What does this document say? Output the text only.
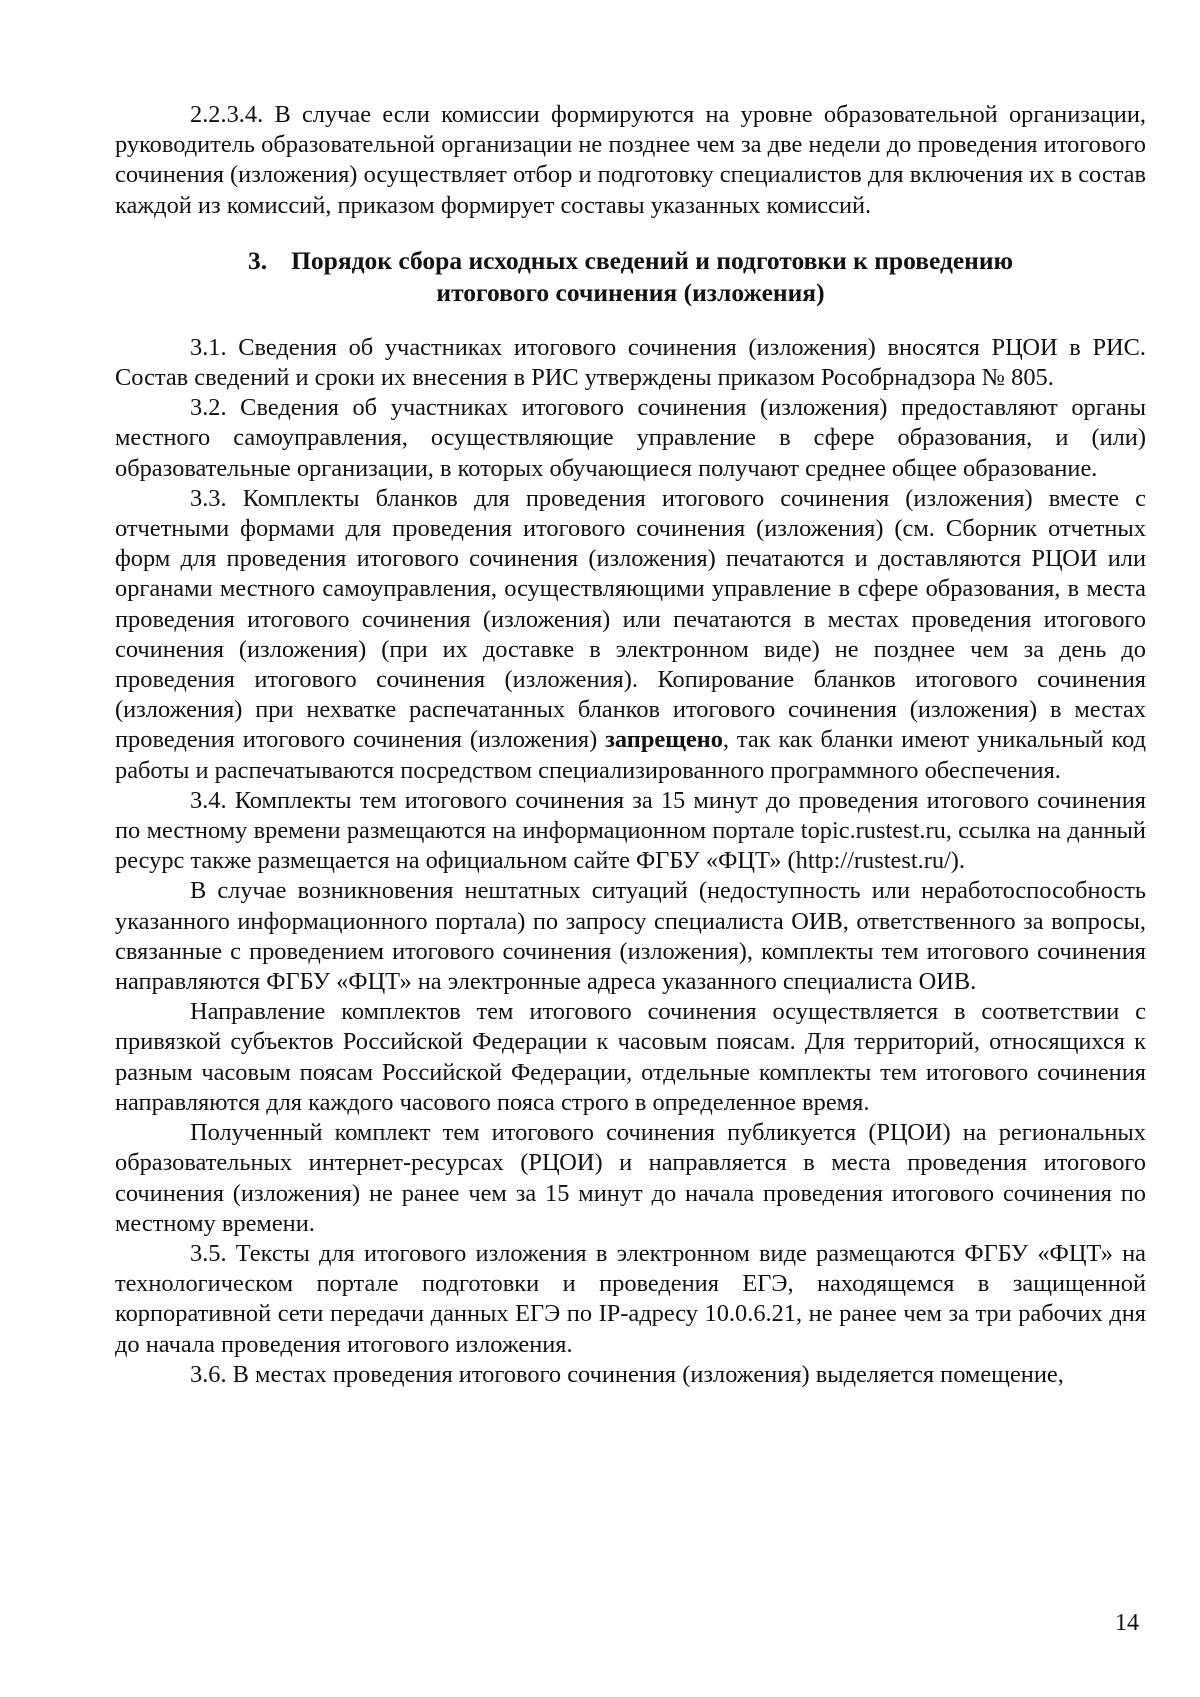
2.2.3.4. В случае если комиссии формируются на уровне образовательной организации, руководитель образовательной организации не позднее чем за две недели до проведения итогового сочинения (изложения) осуществляет отбор и подготовку специалистов для включения их в состав каждой из комиссий, приказом формирует составы указанных комиссий.

3. Порядок сбора исходных сведений и подготовки к проведению
итогового сочинения (изложения)

3.1. Сведения об участниках итогового сочинения (изложения) вносятся РЦОИ в РИС. Состав сведений и сроки их внесения в РИС утверждены приказом Рособрнадзора № 805.

3.2. Сведения об участниках итогового сочинения (изложения) предоставляют органы местного самоуправления, осуществляющие управление в сфере образования, и (или) образовательные организации, в которых обучающиеся получают среднее общее образование.

3.3. Комплекты бланков для проведения итогового сочинения (изложения) вместе с отчетными формами для проведения итогового сочинения (изложения) (см. Сборник отчетных форм для проведения итогового сочинения (изложения) печатаются и доставляются РЦОИ или органами местного самоуправления, осуществляющими управление в сфере образования, в места проведения итогового сочинения (изложения) или печатаются в местах проведения итогового сочинения (изложения) (при их доставке в электронном виде) не позднее чем за день до проведения итогового сочинения (изложения). Копирование бланков итогового сочинения (изложения) при нехватке распечатанных бланков итогового сочинения (изложения) в местах проведения итогового сочинения (изложения) запрещено, так как бланки имеют уникальный код работы и распечатываются посредством специализированного программного обеспечения.

3.4. Комплекты тем итогового сочинения за 15 минут до проведения итогового сочинения по местному времени размещаются на информационном портале topic.rustest.ru, ссылка на данный ресурс также размещается на официальном сайте ФГБУ «ФЦТ» (http://rustest.ru/).

В случае возникновения нештатных ситуаций (недоступность или неработоспособность указанного информационного портала) по запросу специалиста ОИВ, ответственного за вопросы, связанные с проведением итогового сочинения (изложения), комплекты тем итогового сочинения направляются ФГБУ «ФЦТ» на электронные адреса указанного специалиста ОИВ.

Направление комплектов тем итогового сочинения осуществляется в соответствии с привязкой субъектов Российской Федерации к часовым поясам. Для территорий, относящихся к разным часовым поясам Российской Федерации, отдельные комплекты тем итогового сочинения направляются для каждого часового пояса строго в определенное время.

Полученный комплект тем итогового сочинения публикуется (РЦОИ) на региональных образовательных интернет-ресурсах (РЦОИ) и направляется в места проведения итогового сочинения (изложения) не ранее чем за 15 минут до начала проведения итогового сочинения по местному времени.

3.5. Тексты для итогового изложения в электронном виде размещаются ФГБУ «ФЦТ» на технологическом портале подготовки и проведения ЕГЭ, находящемся в защищенной корпоративной сети передачи данных ЕГЭ по IP-адресу 10.0.6.21, не ранее чем за три рабочих дня до начала проведения итогового изложения.

3.6. В местах проведения итогового сочинения (изложения) выделяется помещение,

14
